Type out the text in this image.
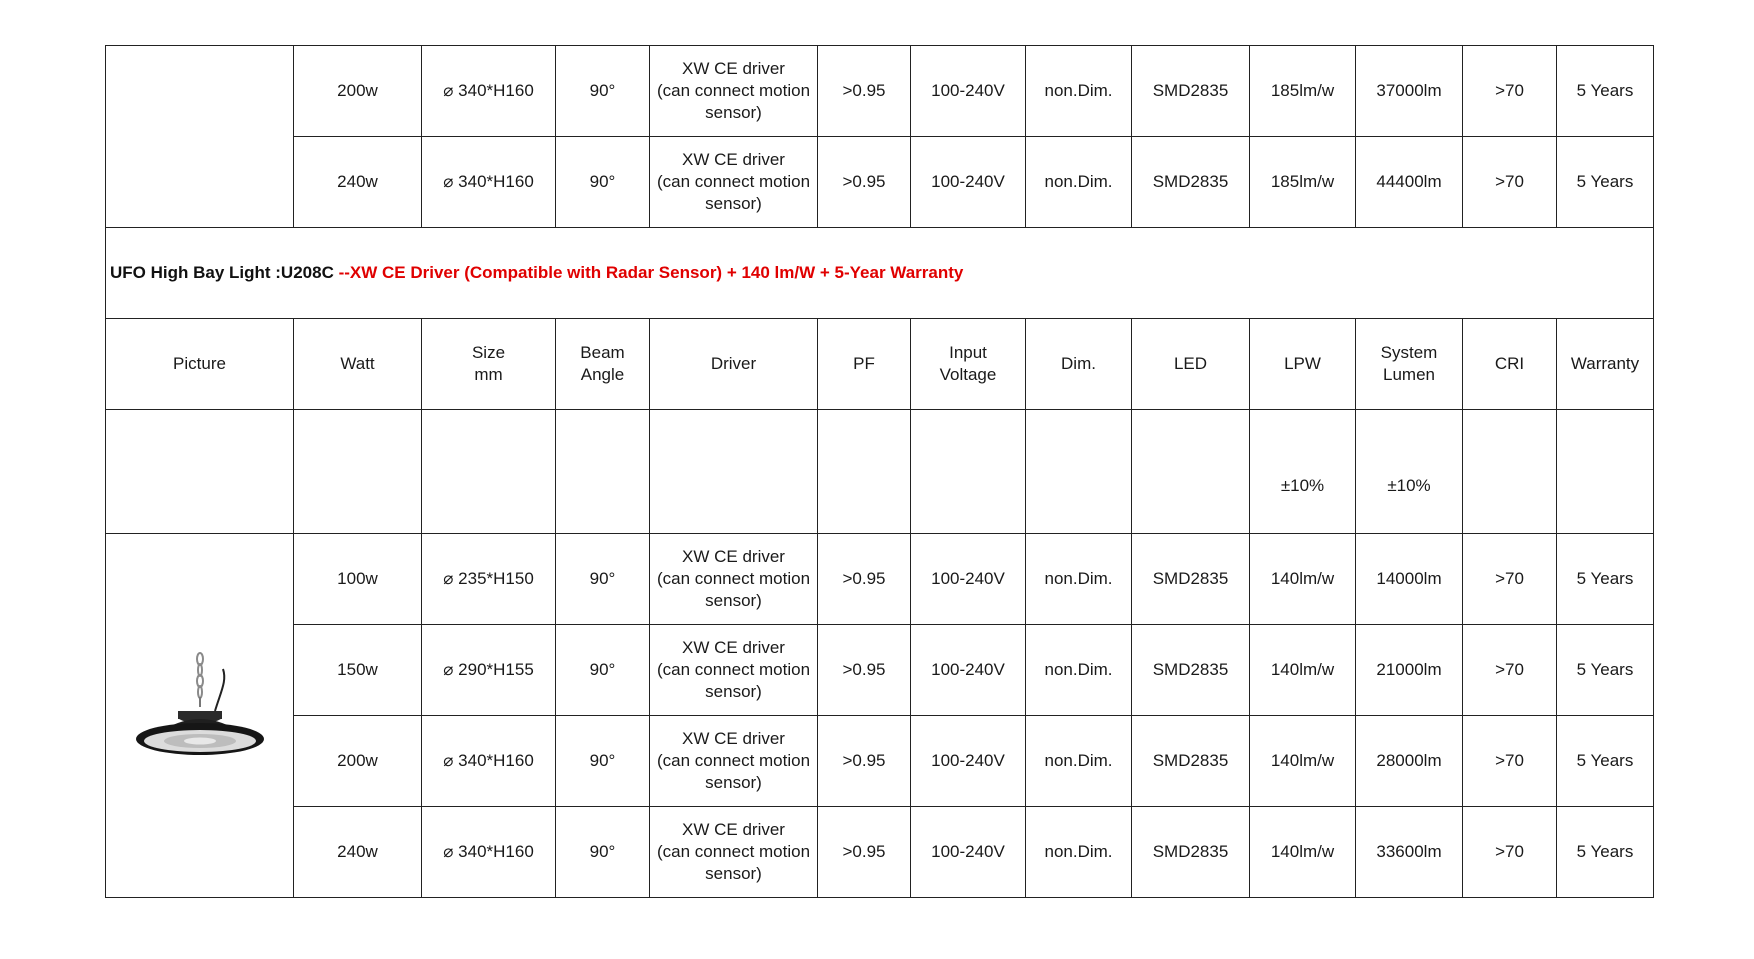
	200w	⌀ 340*H160	90°	XW CE driver
(can connect motion
sensor)	>0.95	100-240V	non.Dim.	SMD2835	185lm/w	37000lm	>70	5 Years
	240w	⌀ 340*H160	90°	XW CE driver
(can connect motion
sensor)	>0.95	100-240V	non.Dim.	SMD2835	185lm/w	44400lm	>70	5 Years
UFO High Bay Light :U208C --XW CE Driver (Compatible with Radar Sensor) + 140 lm/W + 5-Year Warranty												
Picture	Watt	Size
mm	Beam
Angle	Driver	PF	Input
Voltage	Dim.	LED	LPW	System
Lumen	CRI	Warranty
									±10%	±10%		

	100w	⌀ 235*H150	90°	XW CE driver
(can connect motion
sensor)	>0.95	100-240V	non.Dim.	SMD2835	140lm/w	14000lm	>70	5 Years
	150w	⌀ 290*H155	90°	XW CE driver
(can connect motion
sensor)	>0.95	100-240V	non.Dim.	SMD2835	140lm/w	21000lm	>70	5 Years
	200w	⌀ 340*H160	90°	XW CE driver
(can connect motion
sensor)	>0.95	100-240V	non.Dim.	SMD2835	140lm/w	28000lm	>70	5 Years
	240w	⌀ 340*H160	90°	XW CE driver
(can connect motion
sensor)	>0.95	100-240V	non.Dim.	SMD2835	140lm/w	33600lm	>70	5 Years
